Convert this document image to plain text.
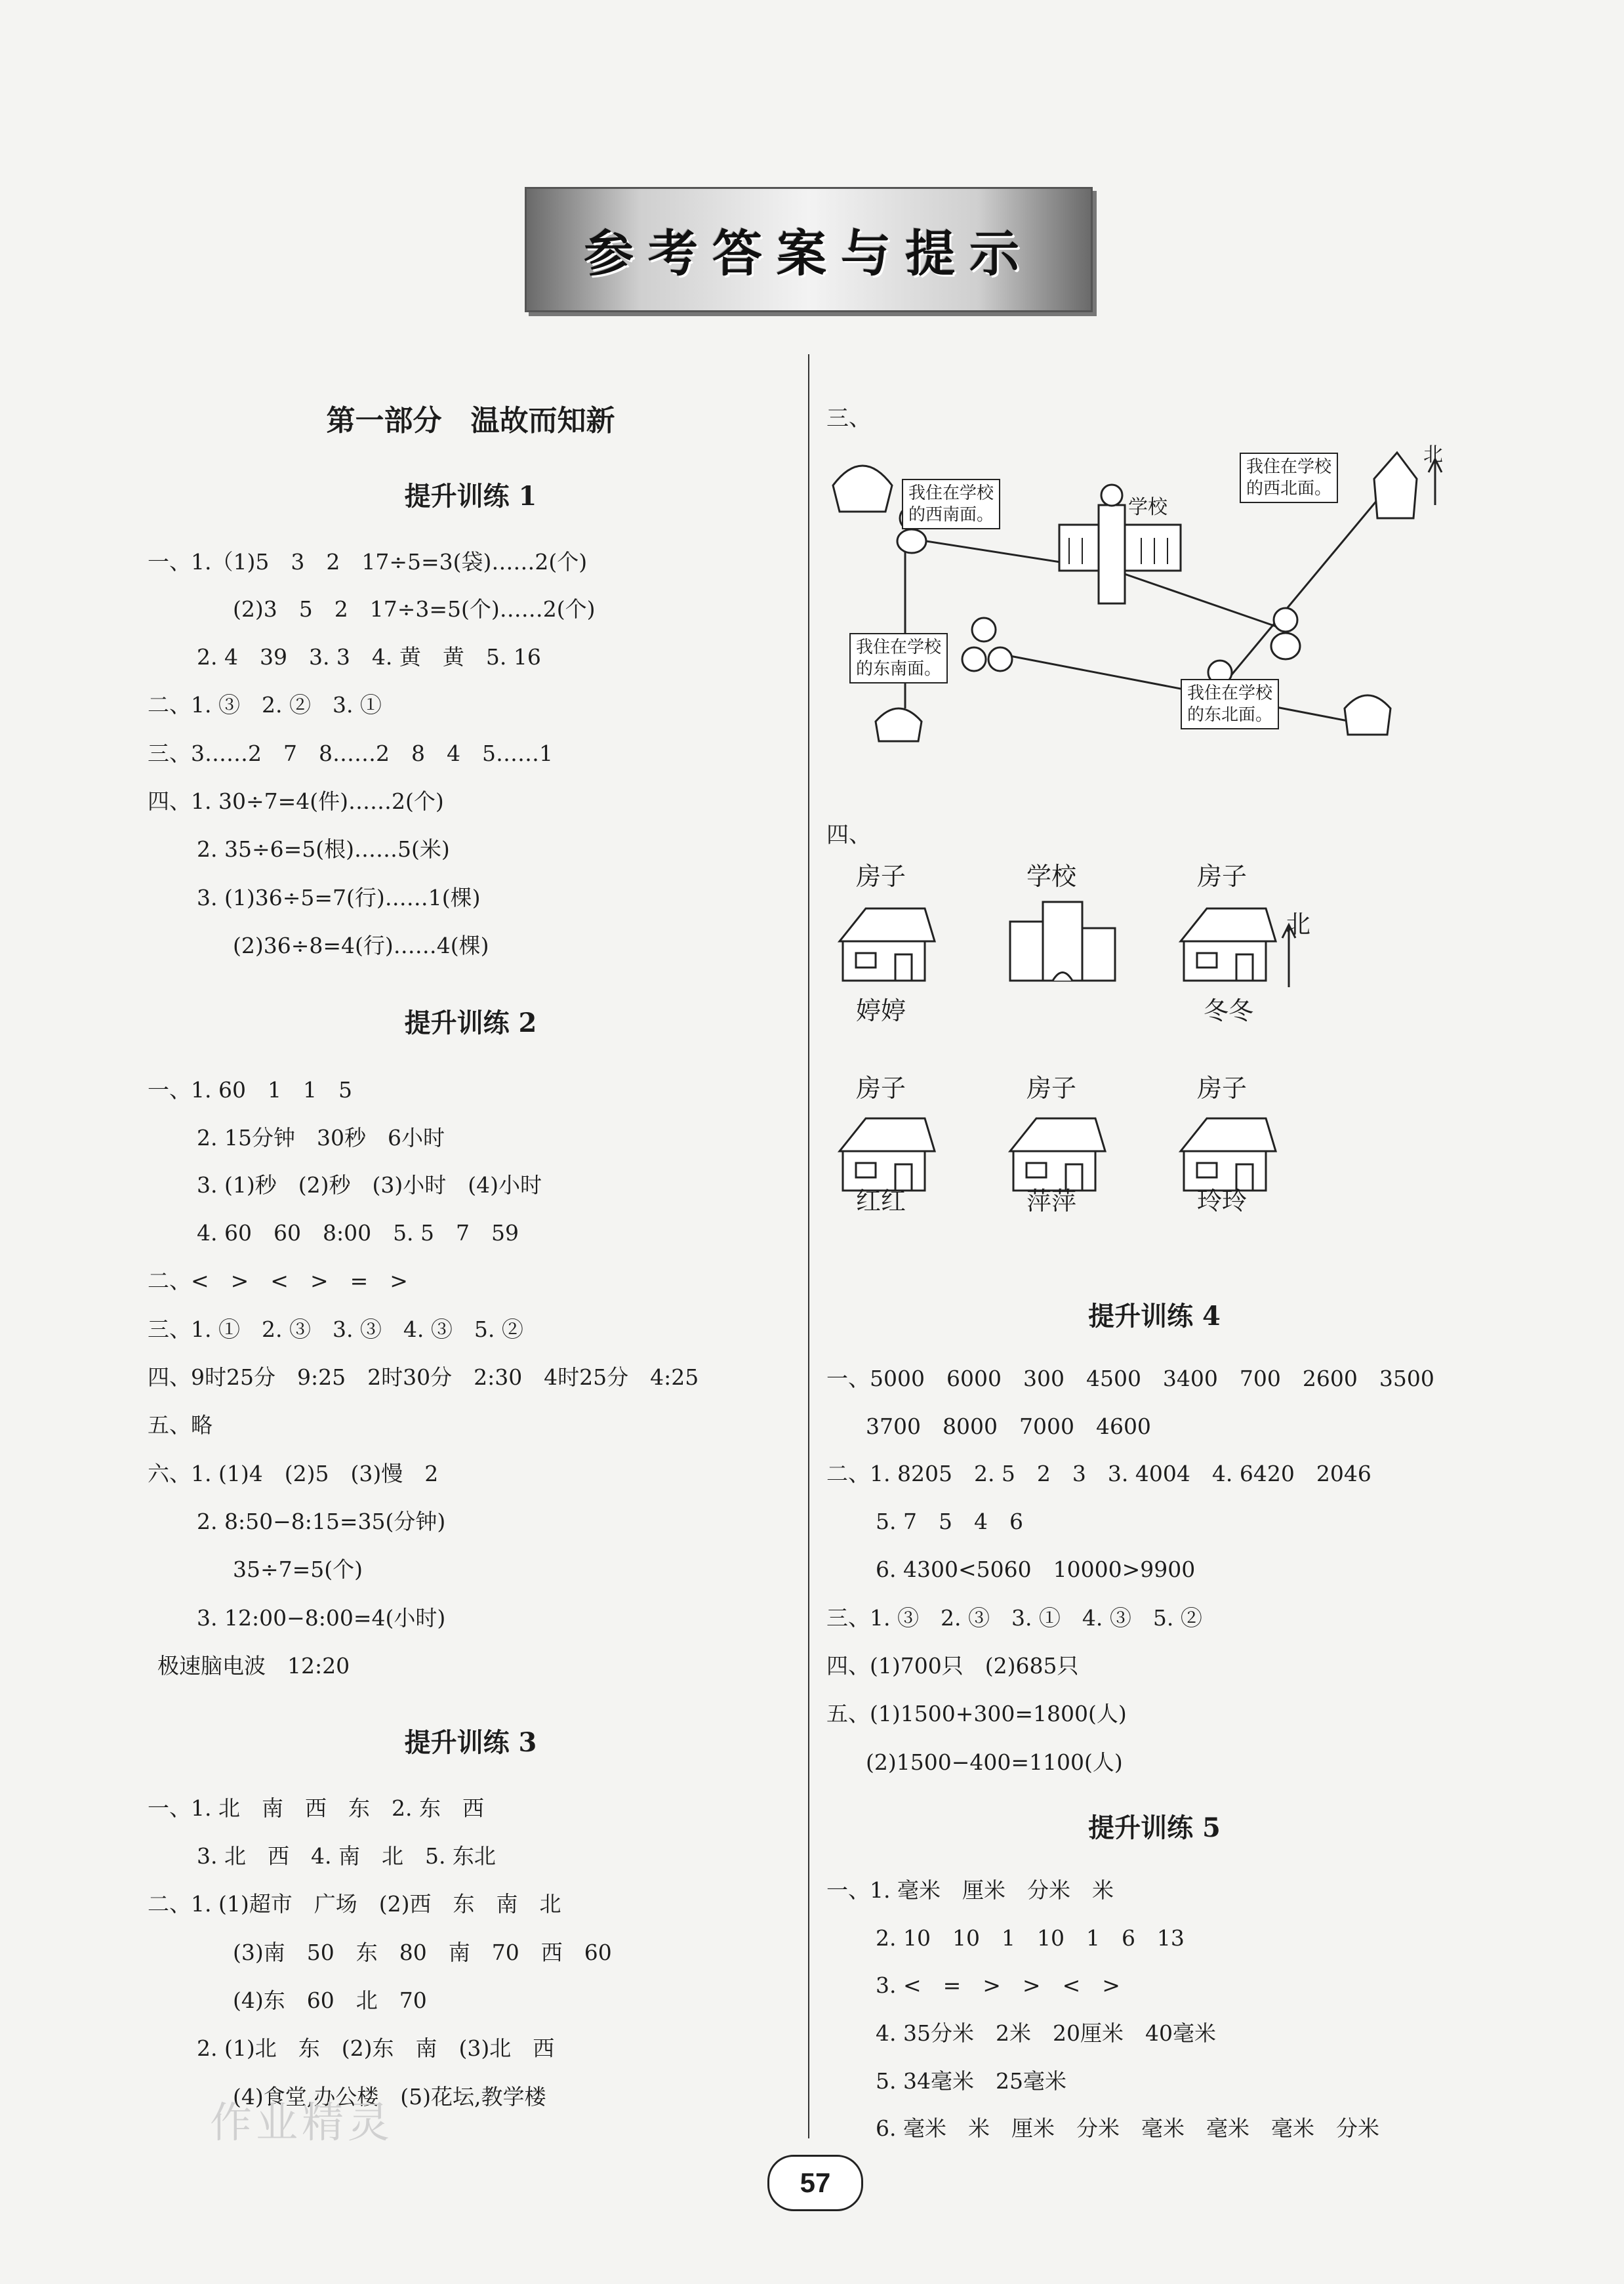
参考答案与提示
第一部分　温故而知新
提升训练 1
一、1.（1)5　3　2　17÷5=3(袋)……2(个)
(2)3　5　2　17÷3=5(个)……2(个)
2. 4　39　3. 3　4. 黄　黄　5. 16
二、1. ③　2. ②　3. ①
三、3……2　7　8……2　8　4　5……1
四、1. 30÷7=4(件)……2(个)
2. 35÷6=5(根)……5(米)
3. (1)36÷5=7(行)……1(棵)
(2)36÷8=4(行)……4(棵)
提升训练 2
一、1. 60　1　1　5
2. 15分钟　30秒　6小时
3. (1)秒　(2)秒　(3)小时　(4)小时
4. 60　60　8:00　5. 5　7　59
二、<　>　<　>　=　>
三、1. ①　2. ③　3. ③　4. ③　5. ②
四、9时25分　9:25　2时30分　2:30　4时25分　4:25
五、略
六、1. (1)4　(2)5　(3)慢　2
2. 8:50−8:15=35(分钟)
35÷7=5(个)
3. 12:00−8:00=4(小时)
极速脑电波　12:20
提升训练 3
一、1. 北　南　西　东　2. 东　西
3. 北　西　4. 南　北　5. 东北
二、1. (1)超市　广场　(2)西　东　南　北
(3)南　50　东　80　南　70　西　60
(4)东　60　北　70
2. (1)北　东　(2)东　南　(3)北　西
(4)食堂,办公楼　(5)花坛,教学楼
三、
学校
北
我住在学校
的西南面。
我住在学校
的西北面。
我住在学校
的东南面。
我住在学校
的东北面。
四、
房子	学校	房子
北
房子	房子	房子
婷婷	冬冬
红红	萍萍	玲玲
提升训练 4
一、5000　6000　300　4500　3400　700　2600　3500
3700　8000　7000　4600
二、1. 8205　2. 5　2　3　3. 4004　4. 6420　2046
5. 7　5　4　6
6. 4300<5060　10000>9900
三、1. ③　2. ③　3. ①　4. ③　5. ②
四、(1)700只　(2)685只
五、(1)1500+300=1800(人)
(2)1500−400=1100(人)
提升训练 5
一、1. 毫米　厘米　分米　米
2. 10　10　1　10　1　6　13
3. <　=　>　>　<　>
4. 35分米　2米　20厘米　40毫米
5. 34毫米　25毫米
6. 毫米　米　厘米　分米　毫米　毫米　毫米　分米
作业精灵
57
